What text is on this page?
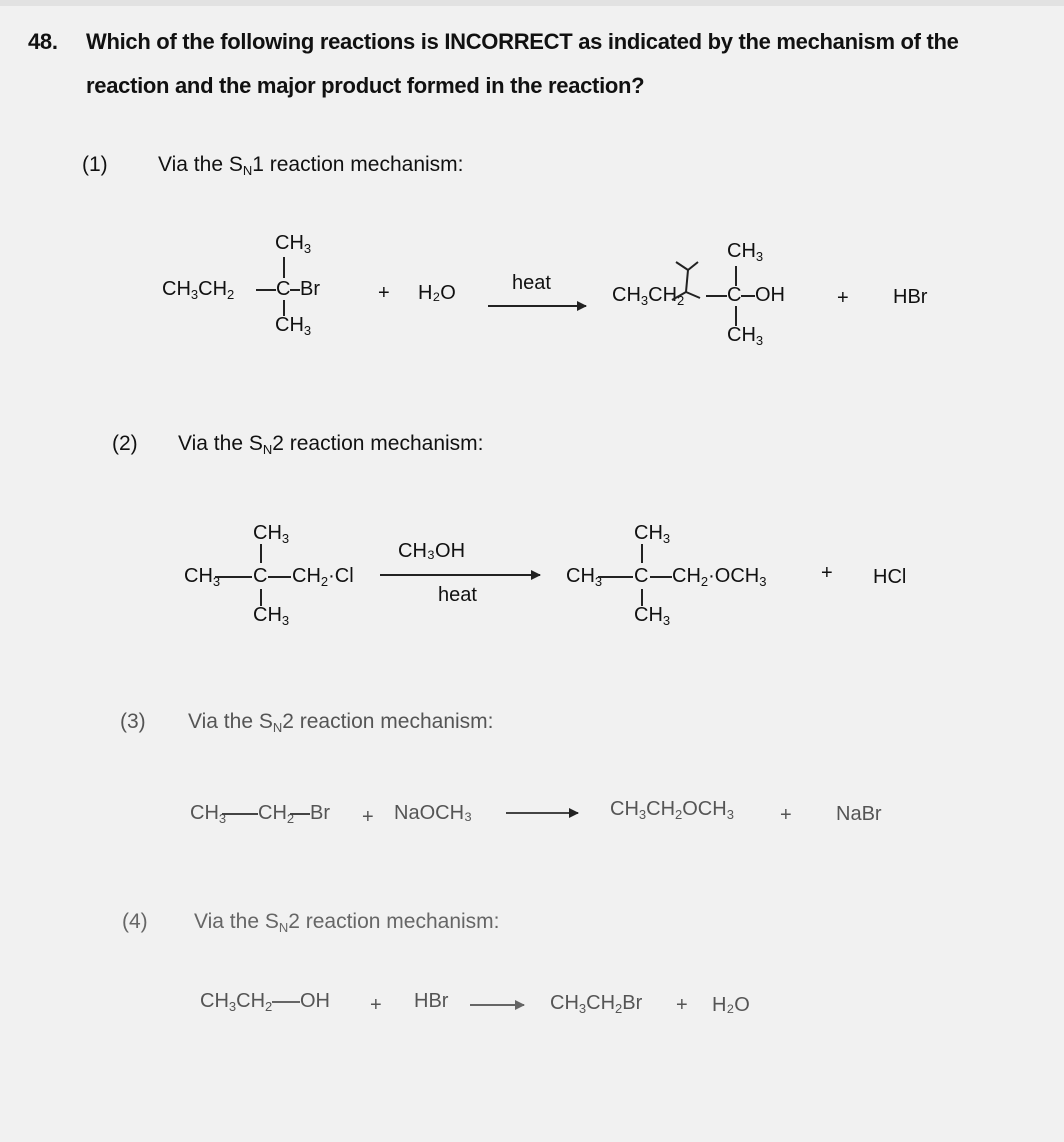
48. Which of the following reactions is INCORRECT as indicated by the mechanism of the
reaction and the major product formed in the reaction?
(1) Via the $S_N1$ reaction mechanism:
$CH_3$
$CH_3CH_2$ C Br
$CH_3$
+ H₂O	heat
$CH_3$
$CH_3CH_2$ C OH
$CH_3$
+ HBr
(2) Via the $S_N2$ reaction mechanism:
$CH_3$
$CH_3$ C $CH_2\cdot Cl$
$CH_3$
CH₃OH
heat
$CH_3$
$CH_3$ C $CH_2\cdot OCH_3$
$CH_3$
+ HCl
(3) Via the $S_N2$ reaction mechanism:
$CH_3$ $CH_2$ Br + NaOCH₃	$CH_3CH_2OCH_3$ + NaBr
(4) Via the $S_N2$ reaction mechanism:
$CH_3CH_2$ OH + HBr	$CH_3CH_2Br + H_2O$
